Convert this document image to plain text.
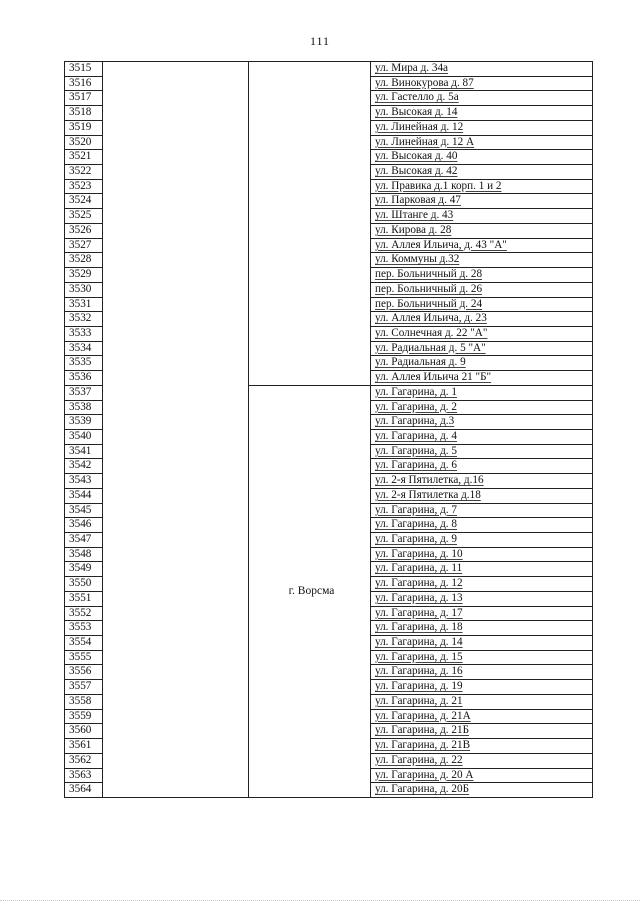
111
3515			ул. Мира д. 34а
3516			ул. Винокурова д. 87
3517			ул. Гастелло д. 5а
3518			ул. Высокая д. 14
3519			ул. Линейная д. 12
3520			ул. Линейная д. 12 А
3521			ул. Высокая д. 40
3522			ул. Высокая д. 42
3523			ул. Правика д.1 корп. 1 и 2
3524			ул. Парковая д. 47
3525			ул. Штанге д. 43
3526			ул. Кирова д. 28
3527			ул. Аллея Ильича, д. 43 "А"
3528			ул. Коммуны д.32
3529			пер. Больничный д. 28
3530			пер. Больничный д. 26
3531			пер. Больничный д. 24
3532			ул. Аллея Ильича, д. 23
3533			ул. Солнечная д. 22 "А"
3534			ул. Радиальная д. 5 "А"
3535			ул. Радиальная д. 9
3536			ул. Аллея Ильича 21 "Б"
3537		г. Ворсма	ул. Гагарина, д. 1
3538			ул. Гагарина, д. 2
3539			ул. Гагарина, д.3
3540			ул. Гагарина, д. 4
3541			ул. Гагарина, д. 5
3542			ул. Гагарина, д. 6
3543			ул. 2-я Пятилетка, д.16
3544			ул. 2-я Пятилетка д.18
3545			ул. Гагарина, д. 7
3546			ул. Гагарина, д. 8
3547			ул. Гагарина, д. 9
3548			ул. Гагарина, д. 10
3549			ул. Гагарина, д. 11
3550			ул. Гагарина, д. 12
3551			ул. Гагарина, д. 13
3552			ул. Гагарина, д. 17
3553			ул. Гагарина, д. 18
3554			ул. Гагарина, д. 14
3555			ул. Гагарина, д. 15
3556			ул. Гагарина, д. 16
3557			ул. Гагарина, д. 19
3558			ул. Гагарина, д. 21
3559			ул. Гагарина, д. 21А
3560			ул. Гагарина, д. 21Б
3561			ул. Гагарина, д. 21В
3562			ул. Гагарина, д. 22
3563			ул. Гагарина, д. 20 А
3564			ул. Гагарина, д. 20Б
